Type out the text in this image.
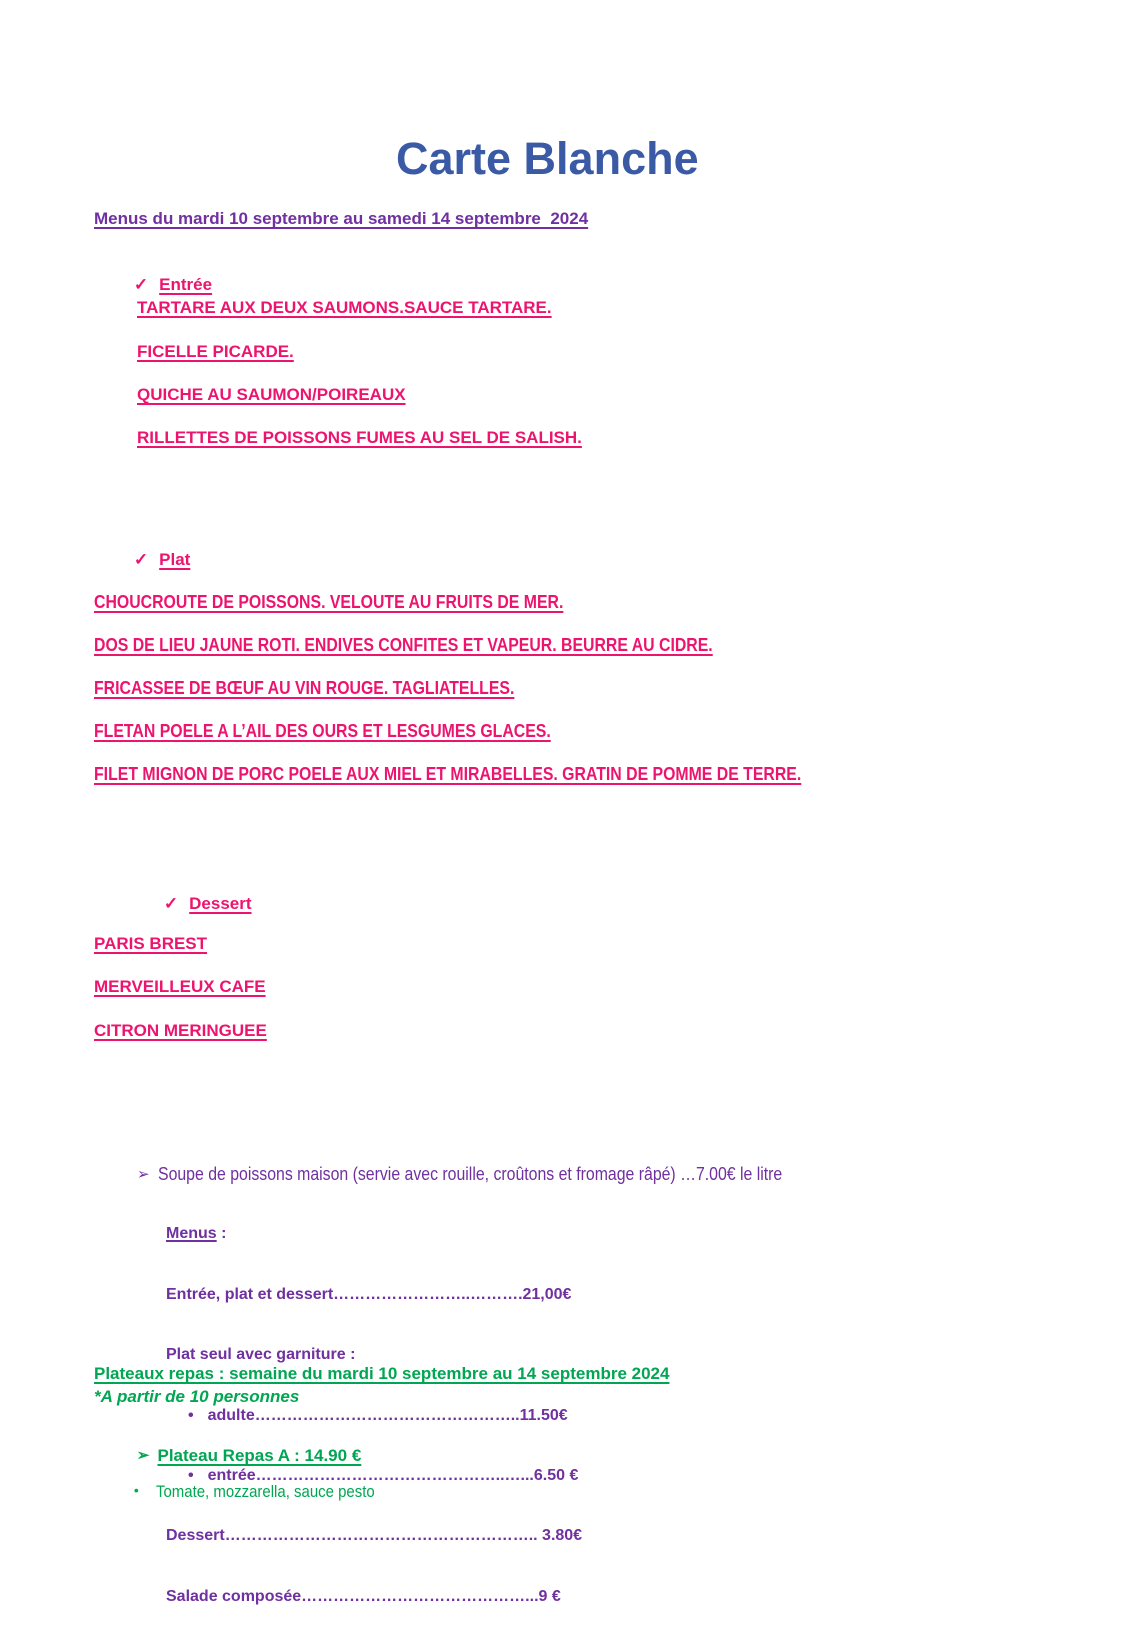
Carte Blanche
Menus du mardi 10 septembre au samedi 14 septembre  2024

✓ Entrée

TARTARE AUX DEUX SAUMONS.SAUCE TARTARE.
FICELLE PICARDE.
QUICHE AU SAUMON/POIREAUX
RILLETTES DE POISSONS FUMES AU SEL DE SALISH.

✓ Plat

CHOUCROUTE DE POISSONS. VELOUTE AU FRUITS DE MER.
DOS DE LIEU JAUNE ROTI. ENDIVES CONFITES ET VAPEUR. BEURRE AU CIDRE.
FRICASSEE DE BŒUF AU VIN ROUGE. TAGLIATELLES.
FLETAN POELE A L’AIL DES OURS ET LESGUMES GLACES.
FILET MIGNON DE PORC POELE AUX MIEL ET MIRABELLES. GRATIN DE POMME DE TERRE.

✓ Dessert

PARIS BREST
MERVEILLEUX CAFE
CITRON MERINGUEE

➢ Soupe de poissons maison (servie avec rouille, croûtons et fromage râpé) …7.00€ le litre

Menus :

Entrée, plat et dessert……………………..……….21,00€

Plat seul avec garniture :

• adulte…………………………………………..11.50€

• entrée………………………………………..…...6.50 €

Dessert………………………………………………….. 3.80€

Salade composée……………………………………...9 €

Plateaux repas : semaine du mardi 10 septembre au 14 septembre 2024
*A partir de 10 personnes

➢ Plateau Repas A : 14.90 €

• Tomate, mozzarella, sauce pesto
